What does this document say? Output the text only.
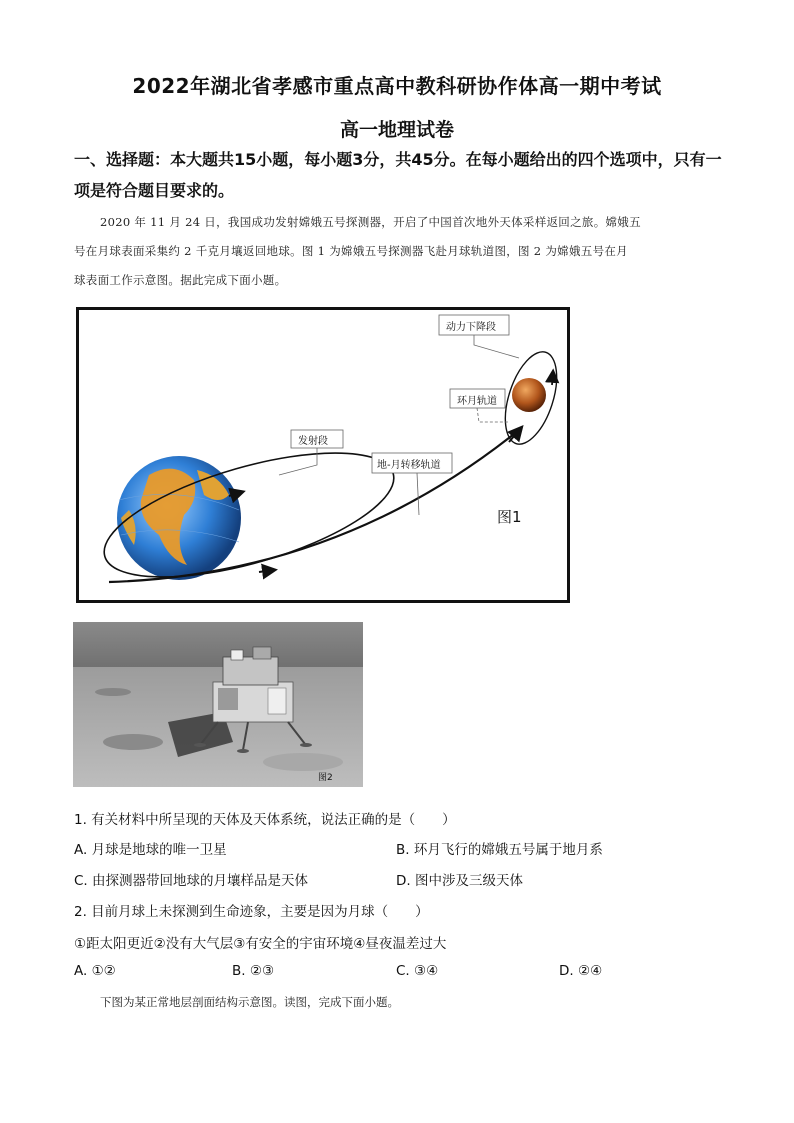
2022年湖北省孝感市重点高中教科研协作体高一期中考试
高一地理试卷
一、选择题：本大题共15小题，每小题3分，共45分。在每小题给出的四个选项中，只有一项是符合题目要求的。
2020 年 11 月 24 日，我国成功发射嫦娥五号探测器，开启了中国首次地外天体采样返回之旅。嫦娥五
号在月球表面采集约 2 千克月壤返回地球。图 1 为嫦娥五号探测器飞赴月球轨道图，图 2 为嫦娥五号在月
球表面工作示意图。据此完成下面小题。
发射段
地-月转移轨道
环月轨道
动力下降段
图1
图2
1. 有关材料中所呈现的天体及天体系统，说法正确的是（　　）
A. 月球是地球的唯一卫星	B. 环月飞行的嫦娥五号属于地月系
C. 由探测器带回地球的月壤样品是天体	D. 图中涉及三级天体
2. 目前月球上未探测到生命迹象，主要是因为月球（　　）
①距太阳更近②没有大气层③有安全的宇宙环境④昼夜温差过大
A. ①②	B. ②③	C. ③④	D. ②④
下图为某正常地层剖面结构示意图。读图，完成下面小题。
